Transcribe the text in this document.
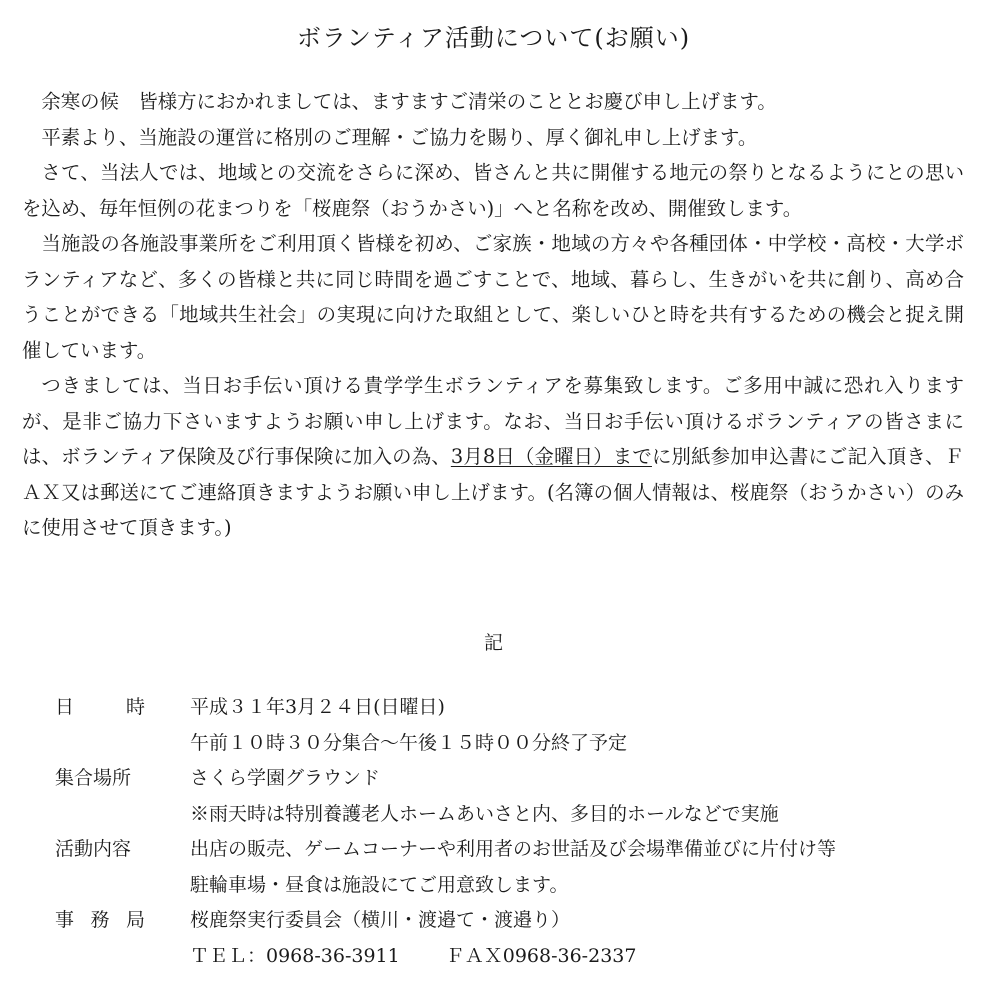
ボランティア活動について(お願い)

余寒の候　皆様方におかれましては、ますますご清栄のこととお慶び申し上げます。

平素より、当施設の運営に格別のご理解・ご協力を賜り、厚く御礼申し上げます。

さて、当法人では、地域との交流をさらに深め、皆さんと共に開催する地元の祭りとなるようにとの思いを込め、毎年恒例の花まつりを「桜鹿祭（おうかさい)」へと名称を改め、開催致します。

当施設の各施設事業所をご利用頂く皆様を初め、ご家族・地域の方々や各種団体・中学校・高校・大学ボランティアなど、多くの皆様と共に同じ時間を過ごすことで、地域、暮らし、生きがいを共に創り、高め合うことができる「地域共生社会」の実現に向けた取組として、楽しいひと時を共有するための機会と捉え開催しています。

つきましては、当日お手伝い頂ける貴学学生ボランティアを募集致します。ご多用中誠に恐れ入りますが、是非ご協力下さいますようお願い申し上げます。なお、当日お手伝い頂けるボランティアの皆さまには、ボランティア保険及び行事保険に加入の為、3月8日（金曜日）までに別紙参加申込書にご記入頂き、ＦＡＸ又は郵送にてご連絡頂きますようお願い申し上げます。(名簿の個人情報は、桜鹿祭（おうかさい）のみに使用させて頂きます。)

記
日	時 平成３１年3月２４日(日曜日)
午前１０時３０分集合〜午後１５時００分終了予定
集合場所	さくら学園グラウンド
※雨天時は特別養護老人ホームあいさと内、多目的ホールなどで実施
活動内容	出店の販売、ゲームコーナーや利用者のお世話及び会場準備並びに片付け等
駐輪車場・昼食は施設にてご用意致します。
事 務 局 桜鹿祭実行委員会（横川・渡邉て・渡邉り）
ＴＥＬ：0968-36-3911 ＦＡＸ0968-36-2337
